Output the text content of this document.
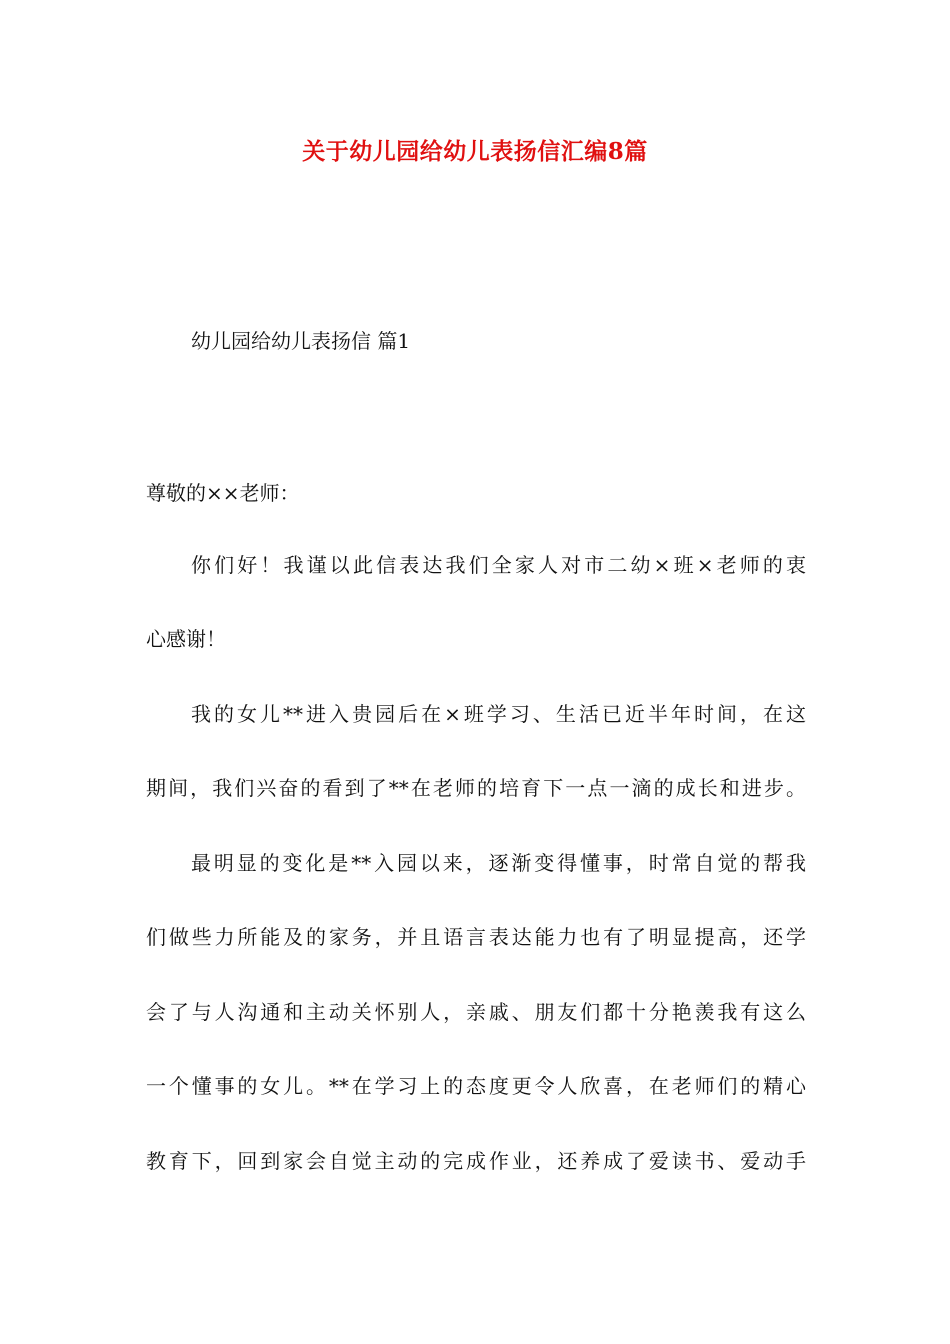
关于幼儿园给幼儿表扬信汇编8篇
幼儿园给幼儿表扬信 篇1
尊敬的××老师：
你们好！我谨以此信表达我们全家人对市二幼×班×老师的衷
心感谢！
我的女儿**进入贵园后在×班学习、生活已近半年时间，在这
期间，我们兴奋的看到了**在老师的培育下一点一滴的成长和进步。
最明显的变化是**入园以来，逐渐变得懂事，时常自觉的帮我
们做些力所能及的家务，并且语言表达能力也有了明显提高，还学
会了与人沟通和主动关怀别人，亲戚、朋友们都十分艳羡我有这么
一个懂事的女儿。**在学习上的态度更令人欣喜，在老师们的精心
教育下，回到家会自觉主动的完成作业，还养成了爱读书、爱动手
